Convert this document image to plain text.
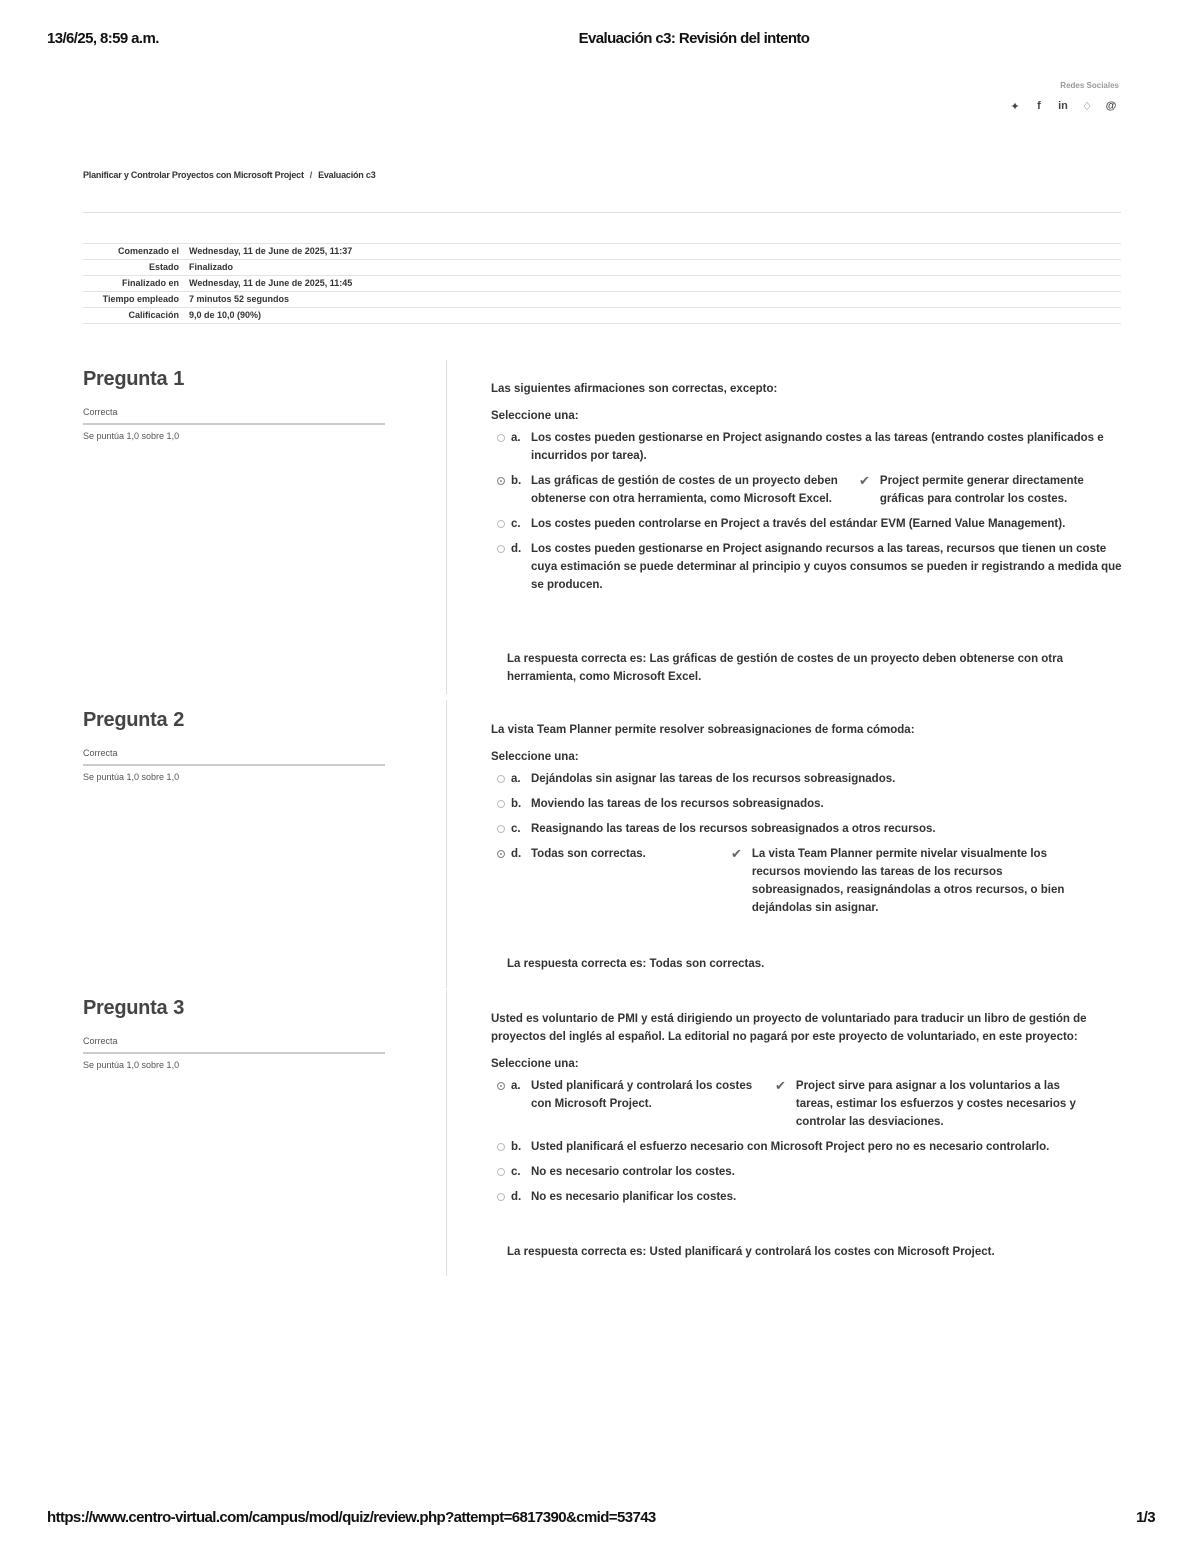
13/6/25, 8:59 a.m.	Evaluación c3: Revisión del intento
Redes Sociales
✦	f	in ♢ @
Planificar y Controlar Proyectos con Microsoft Project / Evaluación c3
Comenzado el	Wednesday, 11 de June de 2025, 11:37
Estado	Finalizado
Finalizado en	Wednesday, 11 de June de 2025, 11:45
Tiempo empleado	7 minutos 52 segundos
Calificación	9,0 de 10,0 (90%)
Pregunta 1
Correcta
Se puntúa 1,0 sobre 1,0
Las siguientes afirmaciones son correctas, excepto:
Seleccione una:
a. Los costes pueden gestionarse en Project asignando costes a las tareas (entrando costes planificados e incurridos por tarea).
b. Las gráficas de gestión de costes de un proyecto deben obtenerse con otra herramienta, como Microsoft Excel.
✔ Project permite generar directamente gráficas para controlar los costes.
c. Los costes pueden controlarse en Project a través del estándar EVM (Earned Value Management).
d. Los costes pueden gestionarse en Project asignando recursos a las tareas, recursos que tienen un coste cuya estimación se puede determinar al principio y cuyos consumos se pueden ir registrando a medida que se producen.
La respuesta correcta es: Las gráficas de gestión de costes de un proyecto deben obtenerse con otra herramienta, como Microsoft Excel.
Pregunta 2
Correcta
Se puntúa 1,0 sobre 1,0
La vista Team Planner permite resolver sobreasignaciones de forma cómoda:
Seleccione una:
a. Dejándolas sin asignar las tareas de los recursos sobreasignados.
b. Moviendo las tareas de los recursos sobreasignados.
c. Reasignando las tareas de los recursos sobreasignados a otros recursos.
d. Todas son correctas.	✔ La vista Team Planner permite nivelar visualmente los recursos moviendo las tareas de los recursos sobreasignados, reasignándolas a otros recursos, o bien dejándolas sin asignar.
La respuesta correcta es: Todas son correctas.
Pregunta 3
Correcta
Se puntúa 1,0 sobre 1,0
Usted es voluntario de PMI y está dirigiendo un proyecto de voluntariado para traducir un libro de gestión de proyectos del inglés al español. La editorial no pagará por este proyecto de voluntariado, en este proyecto:
Seleccione una:
a. Usted planificará y controlará los costes con Microsoft Project.
✔ Project sirve para asignar a los voluntarios a las tareas, estimar los esfuerzos y costes necesarios y controlar las desviaciones.
b. Usted planificará el esfuerzo necesario con Microsoft Project pero no es necesario controlarlo.
c. No es necesario controlar los costes.
d. No es necesario planificar los costes.
La respuesta correcta es: Usted planificará y controlará los costes con Microsoft Project.
https://www.centro-virtual.com/campus/mod/quiz/review.php?attempt=6817390&cmid=53743	1/3
